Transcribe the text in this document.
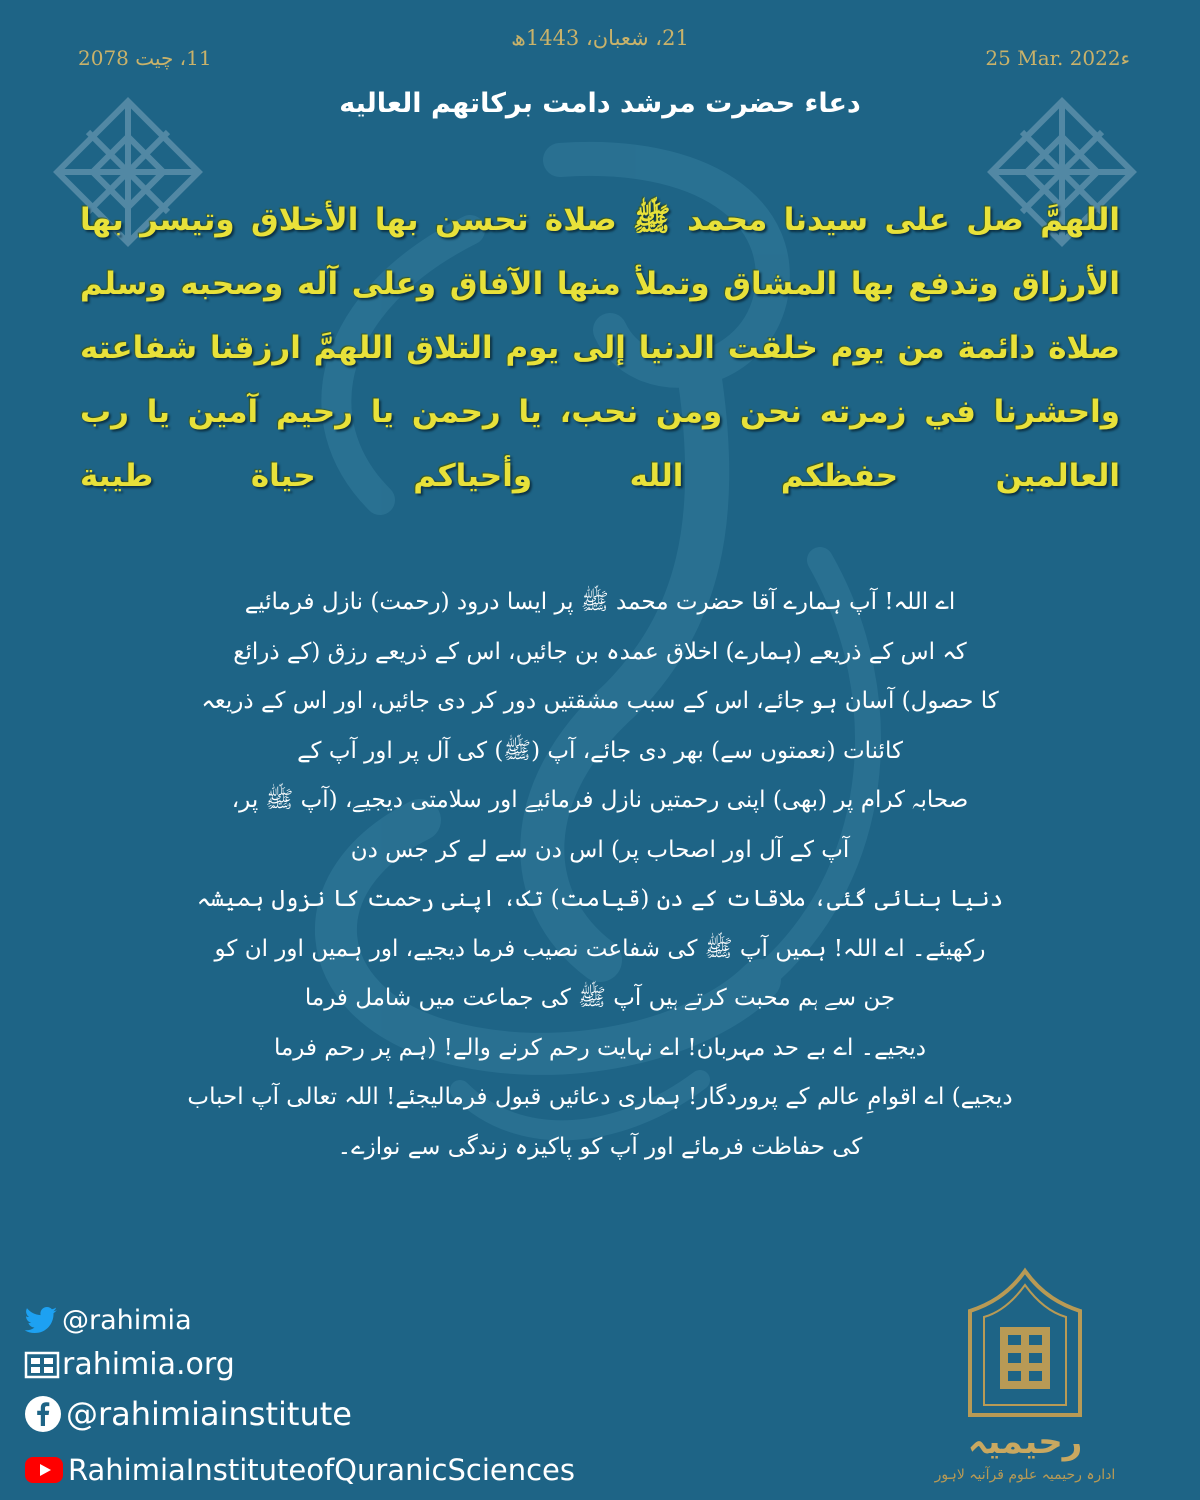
21، شعبان، 1443ھ
11، چیت 2078	25 Mar. 2022ء
دعاء حضرت مرشد دامت برکاتهم العالیه

اللهمَّ صل على سيدنا محمد ﷺ صلاة تحسن بها الأخلاق وتيسر بها الأرزاق وتدفع بها المشاق وتملأ منها الآفاق وعلى آله وصحبه وسلم صلاة دائمة من يوم خلقت الدنيا إلى يوم التلاق اللهمَّ ارزقنا شفاعته واحشرنا في زمرته نحن ومن نحب، يا رحمن يا رحيم آمين يا رب العالمين حفظكم الله وأحياكم حياة طيبة

اے اللہ! آپ ہمارے آقا حضرت محمد ﷺ پر ایسا درود (رحمت) نازل فرمائیے
کہ اس کے ذریعے (ہمارے) اخلاق عمدہ بن جائیں، اس کے ذریعے رزق (کے ذرائع
کا حصول) آسان ہو جائے، اس کے سبب مشقتیں دور کر دی جائیں، اور اس کے ذریعہ
کائنات (نعمتوں سے) بھر دی جائے، آپ (ﷺ) کی آل پر اور آپ کے
صحابہ کرام پر (بھی) اپنی رحمتیں نازل فرمائیے اور سلامتی دیجیے، (آپ ﷺ پر،
آپ کے آل اور اصحاب پر) اس دن سے لے کر جس دن
دنیا بنائی گئی، ملاقات کے دن (قیامت) تک، اپنی رحمت کا نزول ہمیشہ
رکھیئے۔ اے اللہ! ہمیں آپ ﷺ کی شفاعت نصیب فرما دیجیے، اور ہمیں اور ان کو
جن سے ہم محبت کرتے ہیں آپ ﷺ کی جماعت میں شامل فرما
دیجیے۔ اے بے حد مہربان! اے نہایت رحم کرنے والے! (ہم پر رحم فرما
دیجیے) اے اقوامِ عالم کے پروردگار! ہماری دعائیں قبول فرمالیجئے! اللہ تعالی آپ احباب
کی حفاظت فرمائے اور آپ کو پاکیزہ زندگی سے نوازے۔
@rahimia
rahimia.org
@rahimiainstitute
RahimiaInstituteofQuranicSciences
رحیمیہ
ادارہ رحیمیہ علوم قرآنیہ لاہور
